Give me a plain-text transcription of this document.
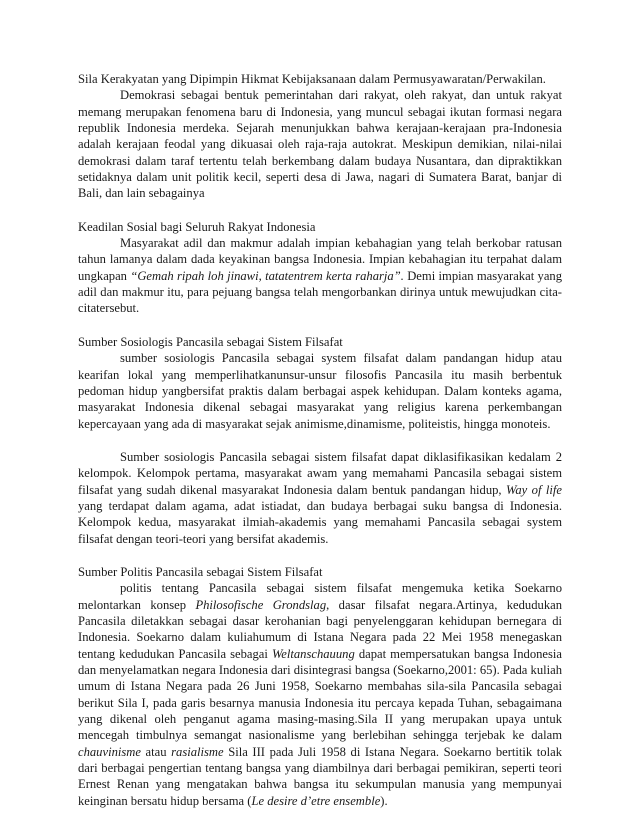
Sila Kerakyatan yang Dipimpin Hikmat Kebijaksanaan dalam Permusyawaratan/Perwakilan.

Demokrasi sebagai bentuk pemerintahan dari rakyat, oleh rakyat, dan untuk rakyat memang merupakan fenomena baru di Indonesia, yang muncul sebagai ikutan formasi negara republik Indonesia merdeka. Sejarah menunjukkan bahwa kerajaan-kerajaan pra-Indonesia adalah kerajaan feodal yang dikuasai oleh raja-raja autokrat. Meskipun demikian, nilai-nilai demokrasi dalam taraf tertentu telah berkembang dalam budaya Nusantara, dan dipraktikkan setidaknya dalam unit politik kecil, seperti desa di Jawa, nagari di Sumatera Barat, banjar di Bali, dan lain sebagainya

Keadilan Sosial bagi Seluruh Rakyat Indonesia

Masyarakat adil dan makmur adalah impian kebahagian yang telah berkobar ratusan tahun lamanya dalam dada keyakinan bangsa Indonesia. Impian kebahagian itu terpahat dalam ungkapan “Gemah ripah loh jinawi, tatatentrem kerta raharja”. Demi impian masyarakat yang adil dan makmur itu, para pejuang bangsa telah mengorbankan dirinya untuk mewujudkan cita-citatersebut.

Sumber Sosiologis Pancasila sebagai Sistem Filsafat

sumber sosiologis Pancasila sebagai system filsafat dalam pandangan hidup atau kearifan lokal yang memperlihatkanunsur-unsur filosofis Pancasila itu masih berbentuk pedoman hidup yangbersifat praktis dalam berbagai aspek kehidupan. Dalam konteks agama, masyarakat Indonesia dikenal sebagai masyarakat yang religius karena perkembangan kepercayaan yang ada di masyarakat sejak animisme,dinamisme, politeistis, hingga monoteis.

Sumber sosiologis Pancasila sebagai sistem filsafat dapat diklasifikasikan kedalam 2 kelompok. Kelompok pertama, masyarakat awam yang memahami Pancasila sebagai sistem filsafat yang sudah dikenal masyarakat Indonesia dalam bentuk pandangan hidup, Way of life yang terdapat dalam agama, adat istiadat, dan budaya berbagai suku bangsa di Indonesia. Kelompok kedua, masyarakat ilmiah-akademis yang memahami Pancasila sebagai system filsafat dengan teori-teori yang bersifat akademis.

Sumber Politis Pancasila sebagai Sistem Filsafat

politis tentang Pancasila sebagai sistem filsafat mengemuka ketika Soekarno melontarkan konsep Philosofische Grondslag, dasar filsafat negara.Artinya, kedudukan Pancasila diletakkan sebagai dasar kerohanian bagi penyelenggaran kehidupan bernegara di Indonesia. Soekarno dalam kuliahumum di Istana Negara pada 22 Mei 1958 menegaskan tentang kedudukan Pancasila sebagai Weltanschauung dapat mempersatukan bangsa Indonesia dan menyelamatkan negara Indonesia dari disintegrasi bangsa (Soekarno,2001: 65). Pada kuliah umum di Istana Negara pada 26 Juni 1958, Soekarno membahas sila-sila Pancasila sebagai berikut Sila I, pada garis besarnya manusia Indonesia itu percaya kepada Tuhan, sebagaimana yang dikenal oleh penganut agama masing-masing.Sila II yang merupakan upaya untuk mencegah timbulnya semangat nasionalisme yang berlebihan sehingga terjebak ke dalam chauvinisme atau rasialisme Sila III pada Juli 1958 di Istana Negara. Soekarno bertitik tolak dari berbagai pengertian tentang bangsa yang diambilnya dari berbagai pemikiran, seperti teori Ernest Renan yang mengatakan bahwa bangsa itu sekumpulan manusia yang mempunyai keinginan bersatu hidup bersama (Le desire d’etre ensemble).
